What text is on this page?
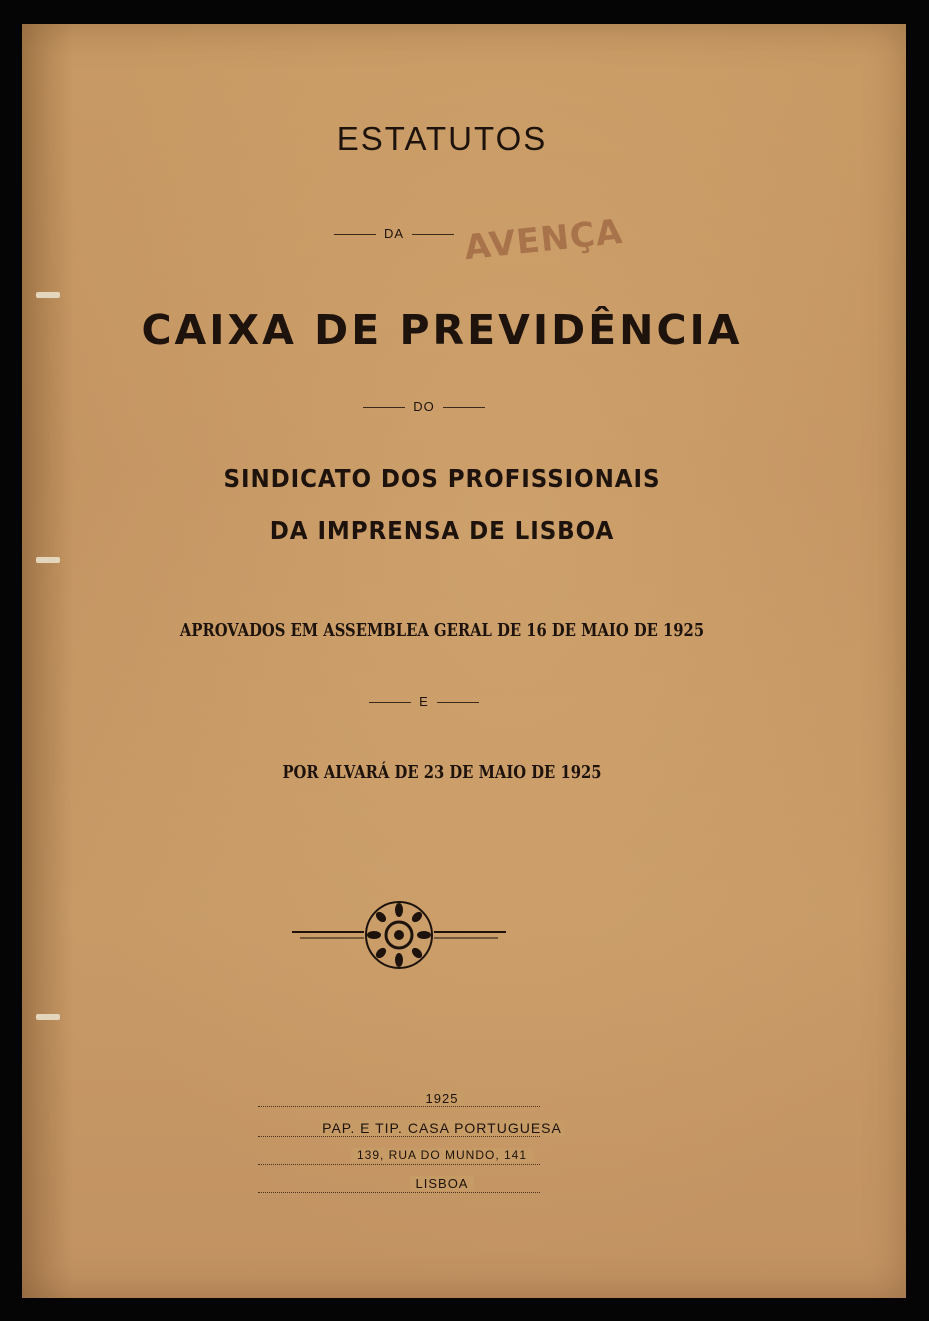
ESTATUTOS
DA	AVENÇA
CAIXA DE PREVIDÊNCIA
DO
SINDICATO DOS PROFISSIONAIS
DA IMPRENSA DE LISBOA
APROVADOS EM ASSEMBLEA GERAL DE 16 DE MAIO DE 1925
E
POR ALVARÁ DE 23 DE MAIO DE 1925
1925
PAP. E TIP. CASA PORTUGUESA
139, RUA DO MUNDO, 141
LISBOA
